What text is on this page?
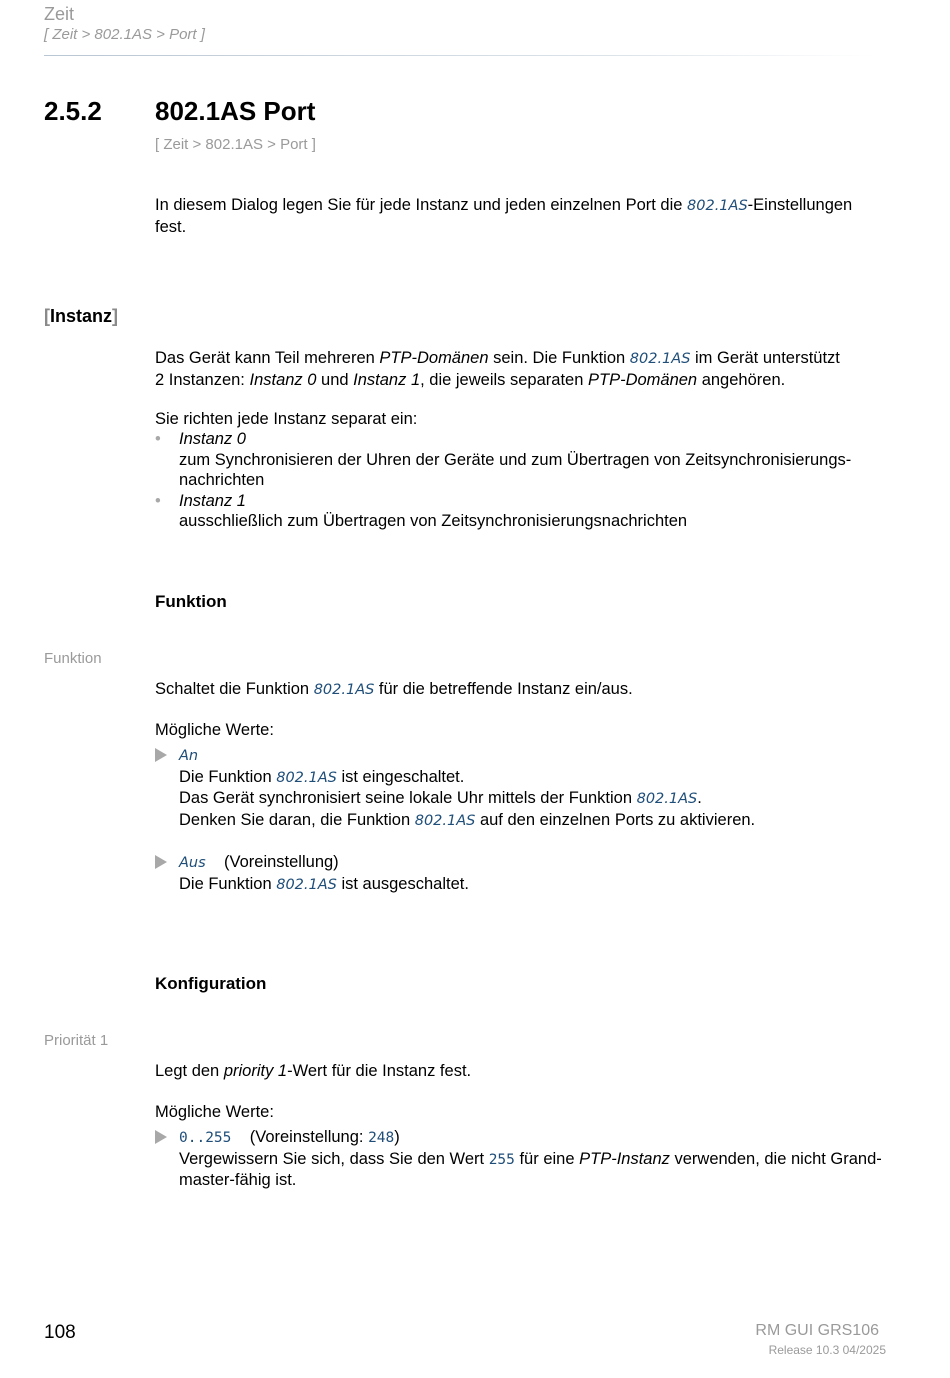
Zeit
[ Zeit > 802.1AS > Port ]
2.5.2 802.1AS Port
[ Zeit > 802.1AS > Port ]
In diesem Dialog legen Sie für jede Instanz und jeden einzelnen Port die 802.1AS-Einstellungen
fest.
[Instanz]
Das Gerät kann Teil mehreren PTP-Domänen sein. Die Funktion 802.1AS im Gerät unterstützt
2 Instanzen: Instanz 0 und Instanz 1, die jeweils separaten PTP-Domänen angehören.
Sie richten jede Instanz separat ein:
• Instanz 0
zum Synchronisieren der Uhren der Geräte und zum Übertragen von Zeitsynchronisierungs-
nachrichten
• Instanz 1
ausschließlich zum Übertragen von Zeitsynchronisierungsnachrichten
Funktion
Funktion
Schaltet die Funktion 802.1AS für die betreffende Instanz ein/aus.
Mögliche Werte:
An
Die Funktion 802.1AS ist eingeschaltet.
Das Gerät synchronisiert seine lokale Uhr mittels der Funktion 802.1AS.
Denken Sie daran, die Funktion 802.1AS auf den einzelnen Ports zu aktivieren.
Aus (Voreinstellung)
Die Funktion 802.1AS ist ausgeschaltet.
Konfiguration
Priorität 1
Legt den priority 1-Wert für die Instanz fest.
Mögliche Werte:
0..255 (Voreinstellung: 248)
Vergewissern Sie sich, dass Sie den Wert 255 für eine PTP-Instanz verwenden, die nicht Grand-
master-fähig ist.
108	RM GUI GRS106
Release 10.3 04/2025
